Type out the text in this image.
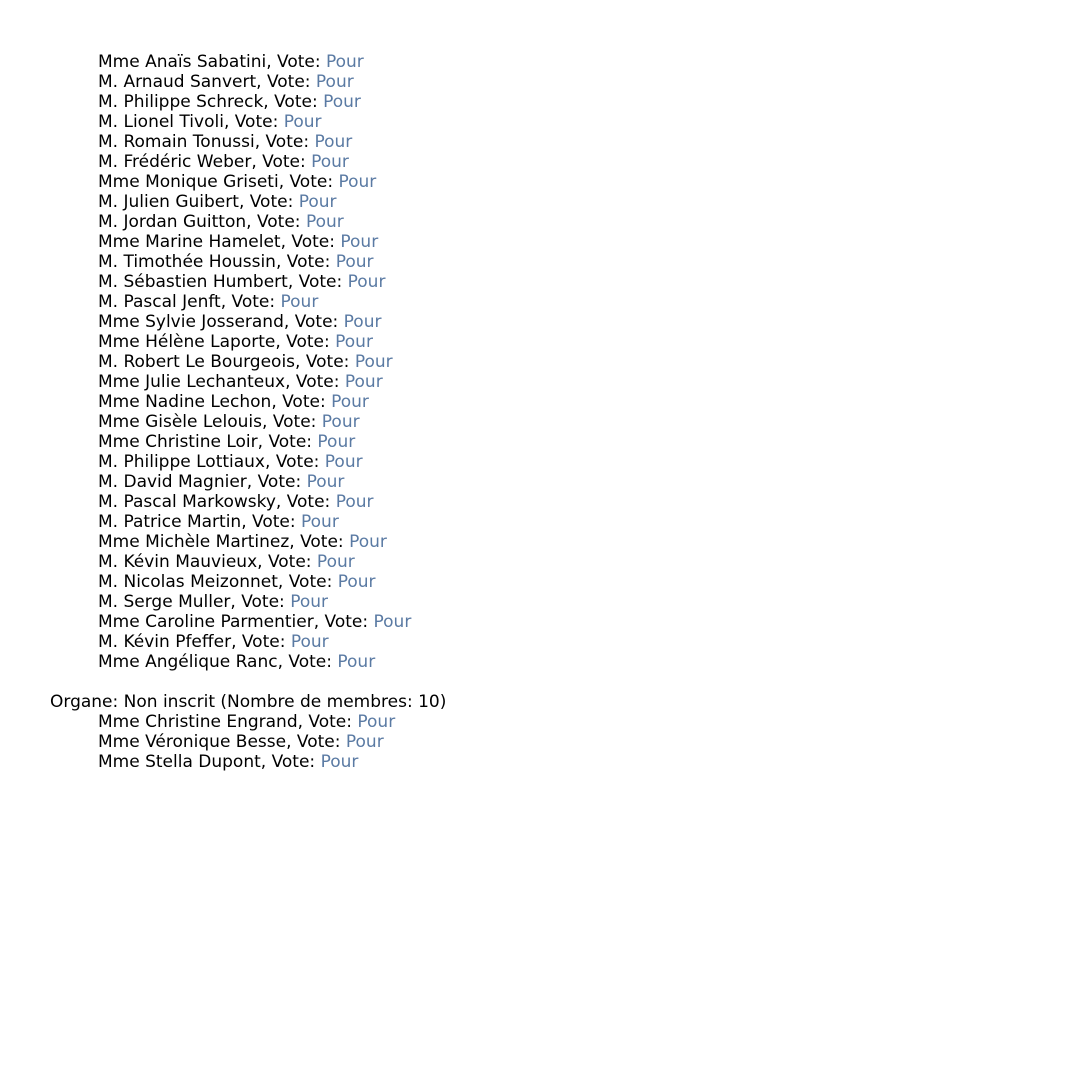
Mme Anaïs Sabatini, Vote: Pour
M. Arnaud Sanvert, Vote: Pour
M. Philippe Schreck, Vote: Pour
M. Lionel Tivoli, Vote: Pour
M. Romain Tonussi, Vote: Pour
M. Frédéric Weber, Vote: Pour
Mme Monique Griseti, Vote: Pour
M. Julien Guibert, Vote: Pour
M. Jordan Guitton, Vote: Pour
Mme Marine Hamelet, Vote: Pour
M. Timothée Houssin, Vote: Pour
M. Sébastien Humbert, Vote: Pour
M. Pascal Jenft, Vote: Pour
Mme Sylvie Josserand, Vote: Pour
Mme Hélène Laporte, Vote: Pour
M. Robert Le Bourgeois, Vote: Pour
Mme Julie Lechanteux, Vote: Pour
Mme Nadine Lechon, Vote: Pour
Mme Gisèle Lelouis, Vote: Pour
Mme Christine Loir, Vote: Pour
M. Philippe Lottiaux, Vote: Pour
M. David Magnier, Vote: Pour
M. Pascal Markowsky, Vote: Pour
M. Patrice Martin, Vote: Pour
Mme Michèle Martinez, Vote: Pour
M. Kévin Mauvieux, Vote: Pour
M. Nicolas Meizonnet, Vote: Pour
M. Serge Muller, Vote: Pour
Mme Caroline Parmentier, Vote: Pour
M. Kévin Pfeffer, Vote: Pour
Mme Angélique Ranc, Vote: Pour
Organe: Non inscrit (Nombre de membres: 10)
Mme Christine Engrand, Vote: Pour
Mme Véronique Besse, Vote: Pour
Mme Stella Dupont, Vote: Pour
